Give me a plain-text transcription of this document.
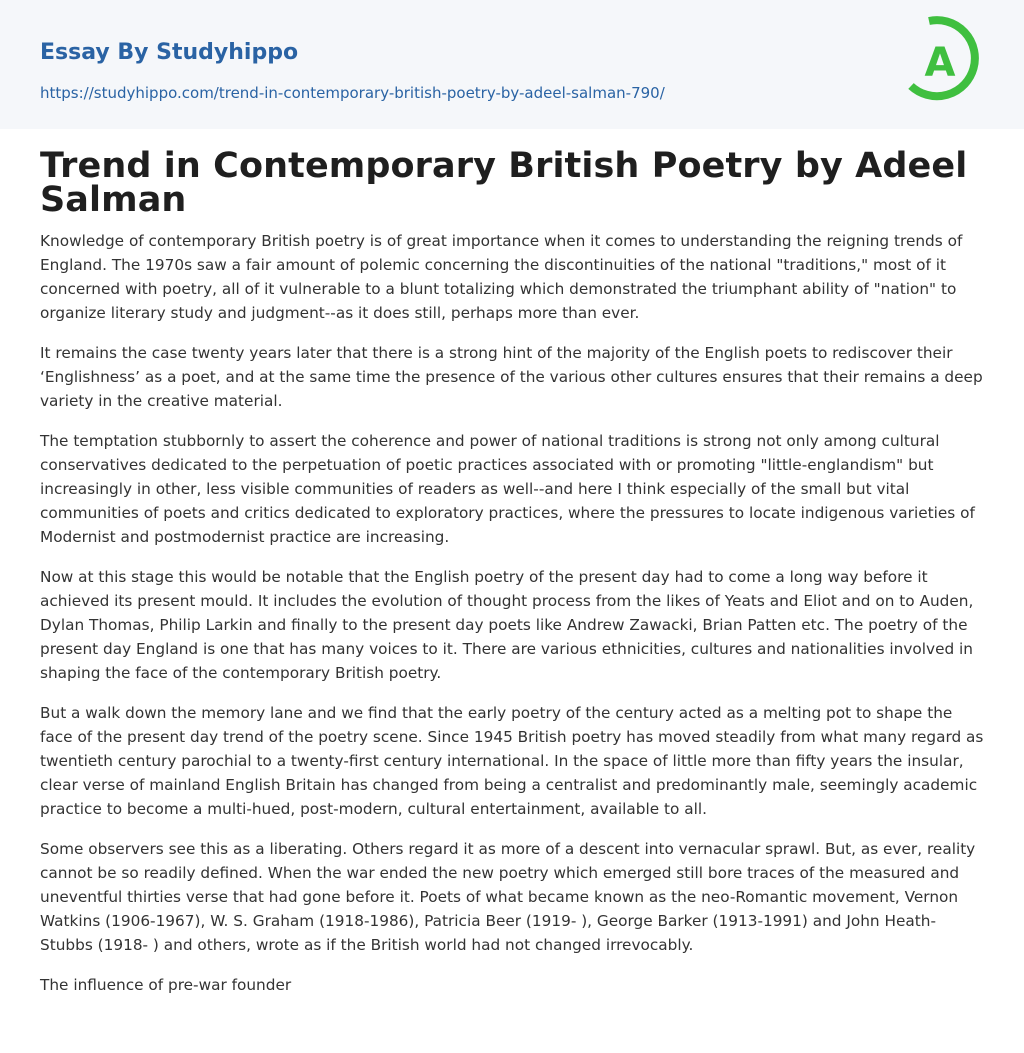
Essay By Studyhippo
https://studyhippo.com/trend-in-contemporary-british-poetry-by-adeel-salman-790/
A
Trend in Contemporary British Poetry by Adeel Salman

Knowledge of contemporary British poetry is of great importance when it comes to understanding the reigning trends of England. The 1970s saw a fair amount of polemic concerning the discontinuities of the national "traditions," most of it concerned with poetry, all of it vulnerable to a blunt totalizing which demonstrated the triumphant ability of "nation" to organize literary study and judgment--as it does still, perhaps more than ever.

It remains the case twenty years later that there is a strong hint of the majority of the English poets to rediscover their ‘Englishness’ as a poet, and at the same time the presence of the various other cultures ensures that their remains a deep variety in the creative material.

The temptation stubbornly to assert the coherence and power of national traditions is strong not only among cultural conservatives dedicated to the perpetuation of poetic practices associated with or promoting "little-englandism" but increasingly in other, less visible communities of readers as well--and here I think especially of the small but vital communities of poets and critics dedicated to exploratory practices, where the pressures to locate indigenous varieties of Modernist and postmodernist practice are increasing.

Now at this stage this would be notable that the English poetry of the present day had to come a long way before it achieved its present mould. It includes the evolution of thought process from the likes of Yeats and Eliot and on to Auden, Dylan Thomas, Philip Larkin and finally to the present day poets like Andrew Zawacki, Brian Patten etc. The poetry of the present day England is one that has many voices to it. There are various ethnicities, cultures and nationalities involved in shaping the face of the contemporary British poetry.

But a walk down the memory lane and we find that the early poetry of the century acted as a melting pot to shape the face of the present day trend of the poetry scene. Since 1945 British poetry has moved steadily from what many regard as twentieth century parochial to a twenty-first century international. In the space of little more than fifty years the insular, clear verse of mainland English Britain has changed from being a centralist and predominantly male, seemingly academic practice to become a multi-hued, post-modern, cultural entertainment, available to all.

Some observers see this as a liberating. Others regard it as more of a descent into vernacular sprawl. But, as ever, reality cannot be so readily defined. When the war ended the new poetry which emerged still bore traces of the measured and uneventful thirties verse that had gone before it. Poets of what became known as the neo-Romantic movement, Vernon Watkins (1906-1967), W. S. Graham (1918-1986), Patricia Beer (1919- ), George Barker (1913-1991) and John Heath-Stubbs (1918- ) and others, wrote as if the British world had not changed irrevocably.

The influence of pre-war founder
